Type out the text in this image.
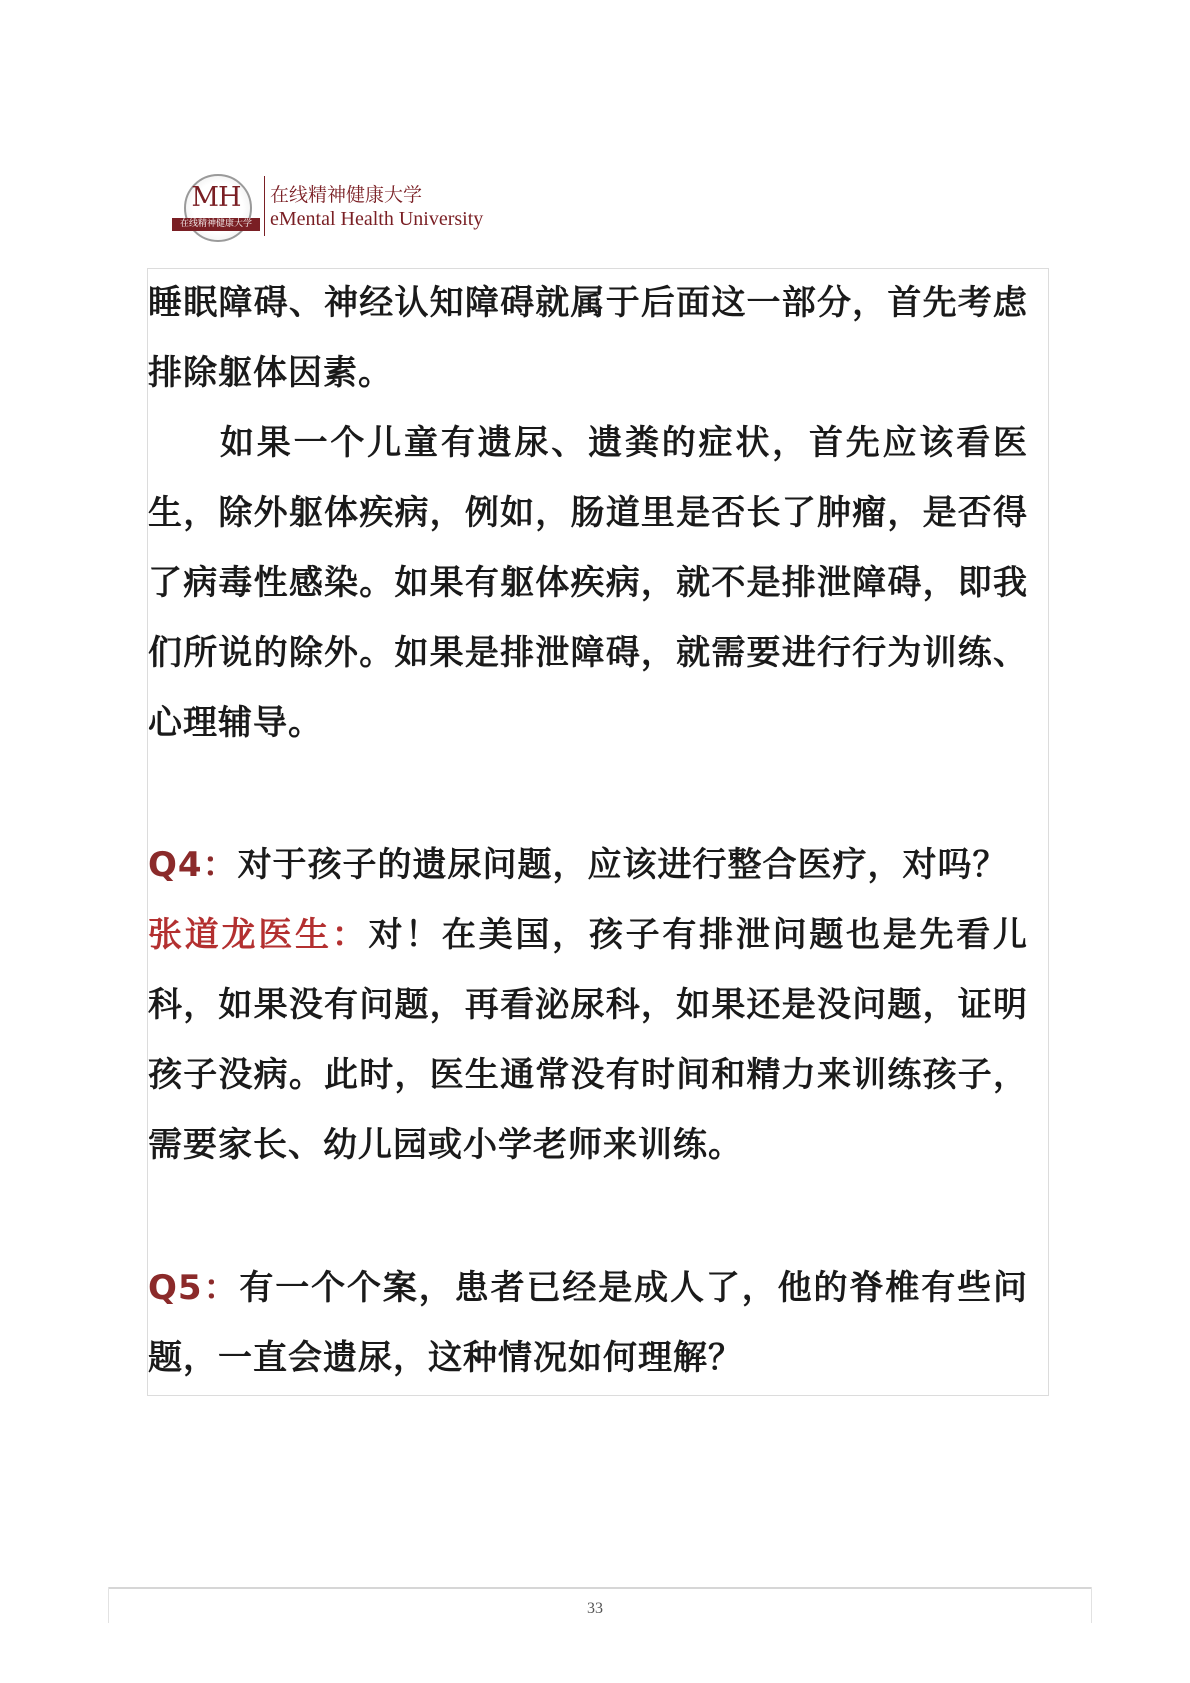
MH
在线精神健康大学
在线精神健康大学
eMental Health University

睡眠障碍、神经认知障碍就属于后面这一部分，首先考虑排除躯体因素。

如果一个儿童有遗尿、遗粪的症状，首先应该看医生，除外躯体疾病，例如，肠道里是否长了肿瘤，是否得了病毒性感染。如果有躯体疾病，就不是排泄障碍，即我们所说的除外。如果是排泄障碍，就需要进行行为训练、心理辅导。

Q4：对于孩子的遗尿问题，应该进行整合医疗，对吗？
张道龙医生：对！在美国，孩子有排泄问题也是先看儿科，如果没有问题，再看泌尿科，如果还是没问题，证明孩子没病。此时，医生通常没有时间和精力来训练孩子，需要家长、幼儿园或小学老师来训练。

Q5：有一个个案，患者已经是成人了，他的脊椎有些问题，一直会遗尿，这种情况如何理解？

33
